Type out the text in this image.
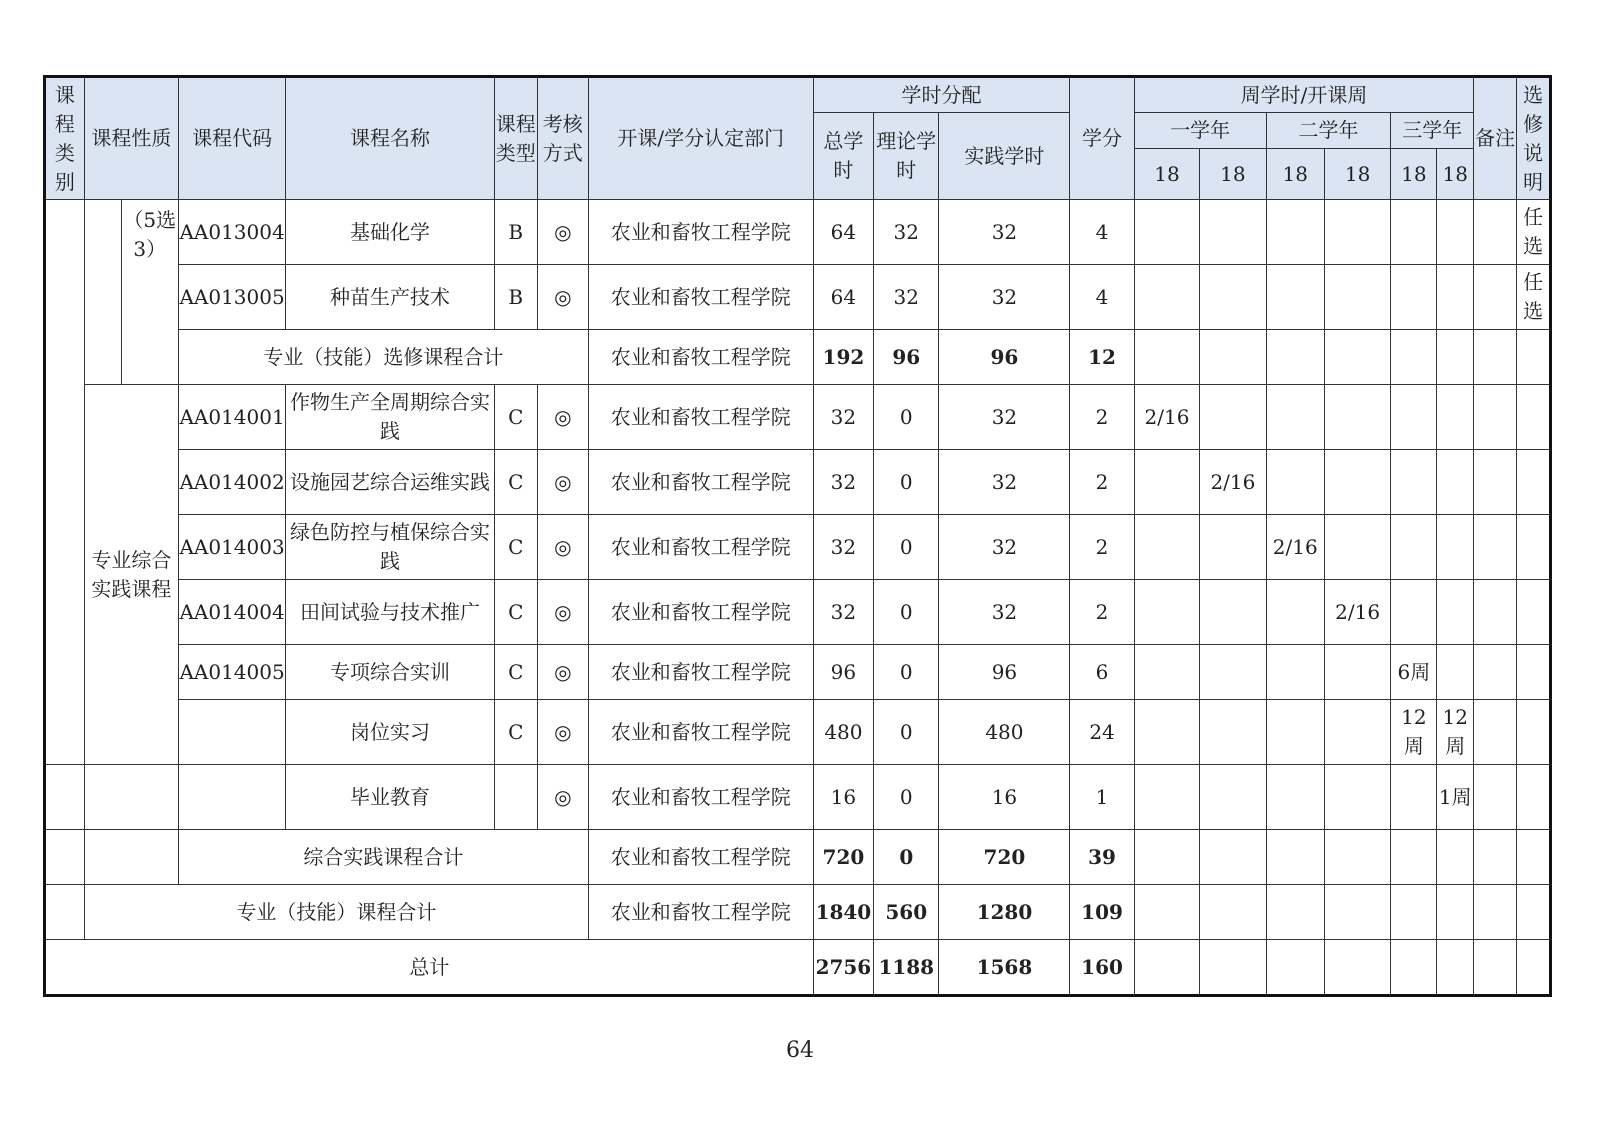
课程类别	课程性质		课程代码	课程名称	课程类型	考核方式	开课/学分认定部门	学时分配			学分	周学时/开课周						备注	选修说明
								总学时	理论学时	实践学时		一学年		二学年		三学年			
												18	18	18	18	18	18		
		（5选3）	AA013004	基础化学	B	◎	农业和畜牧工程学院	64	32	32	4								任选
			AA013005	种苗生产技术	B	◎	农业和畜牧工程学院	64	32	32	4								任选
			专业（技能）选修课程合计				农业和畜牧工程学院	192	96	96	12								
	专业综合实践课程		AA014001	作物生产全周期综合实践	C	◎	农业和畜牧工程学院	32	0	32	2	2/16							
			AA014002	设施园艺综合运维实践	C	◎	农业和畜牧工程学院	32	0	32	2		2/16						
			AA014003	绿色防控与植保综合实践	C	◎	农业和畜牧工程学院	32	0	32	2			2/16					
			AA014004	田间试验与技术推广	C	◎	农业和畜牧工程学院	32	0	32	2				2/16				
			AA014005	专项综合实训	C	◎	农业和畜牧工程学院	96	0	96	6					6周			
				岗位实习	C	◎	农业和畜牧工程学院	480	0	480	24					12周	12周		
				毕业教育		◎	农业和畜牧工程学院	16	0	16	1						1周		
			综合实践课程合计				农业和畜牧工程学院	720	0	720	39								
	专业（技能）课程合计						农业和畜牧工程学院	1840	560	1280	109								
总计								2756	1188	1568	160								
64
